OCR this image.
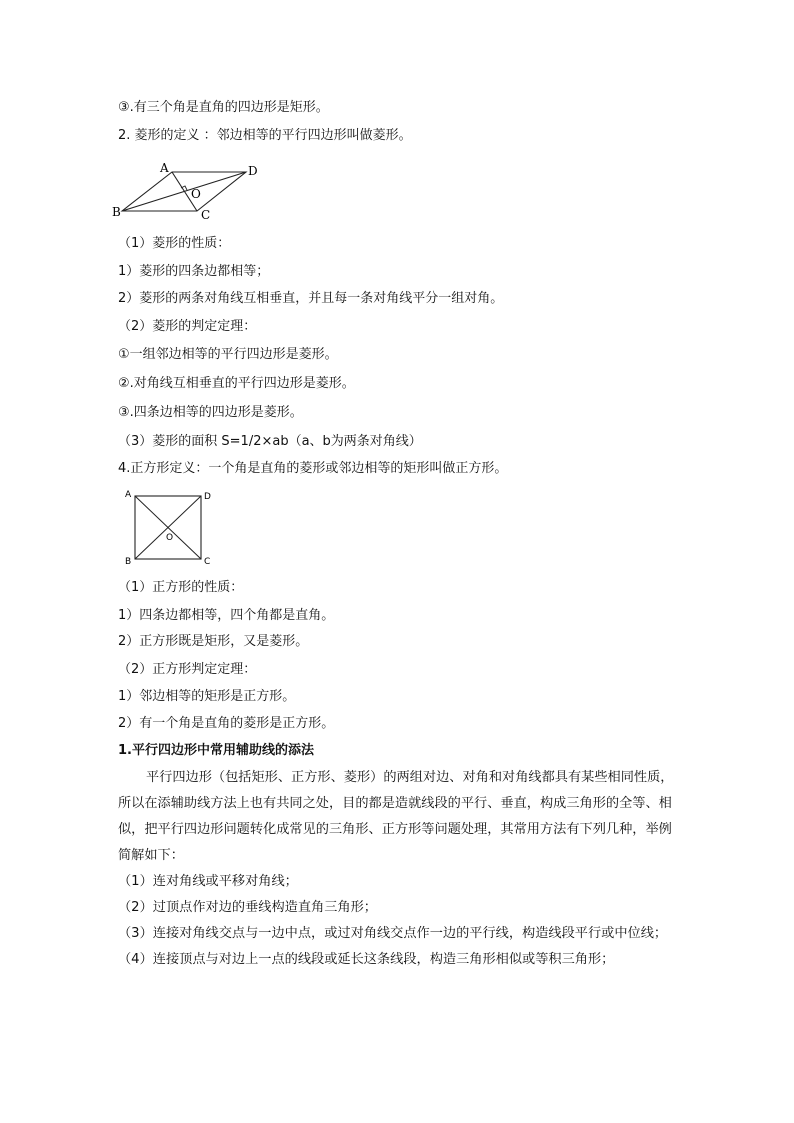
③.有三个角是直角的四边形是矩形。
2. 菱形的定义 ：邻边相等的平行四边形叫做菱形。
A	D
B	C
O
（1）菱形的性质：
1）菱形的四条边都相等；
2）菱形的两条对角线互相垂直，并且每一条对角线平分一组对角。
（2）菱形的判定定理：
①一组邻边相等的平行四边形是菱形。
②.对角线互相垂直的平行四边形是菱形。
③.四条边相等的四边形是菱形。
（3）菱形的面积 S=1/2×ab（a、b为两条对角线）
4.正方形定义：一个角是直角的菱形或邻边相等的矩形叫做正方形。
A	D
B	C
O
（1）正方形的性质：
1）四条边都相等，四个角都是直角。
2）正方形既是矩形，又是菱形。
（2）正方形判定定理：
1）邻边相等的矩形是正方形。
2）有一个角是直角的菱形是正方形。
1.平行四边形中常用辅助线的添法

平行四边形（包括矩形、正方形、菱形）的两组对边、对角和对角线都具有某些相同性质，所以在添辅助线方法上也有共同之处，目的都是造就线段的平行、垂直，构成三角形的全等、相似，把平行四边形问题转化成常见的三角形、正方形等问题处理，其常用方法有下列几种，举例简解如下：

（1）连对角线或平移对角线；

（2）过顶点作对边的垂线构造直角三角形；

（3）连接对角线交点与一边中点，或过对角线交点作一边的平行线，构造线段平行或中位线；

（4）连接顶点与对边上一点的线段或延长这条线段，构造三角形相似或等积三角形；
